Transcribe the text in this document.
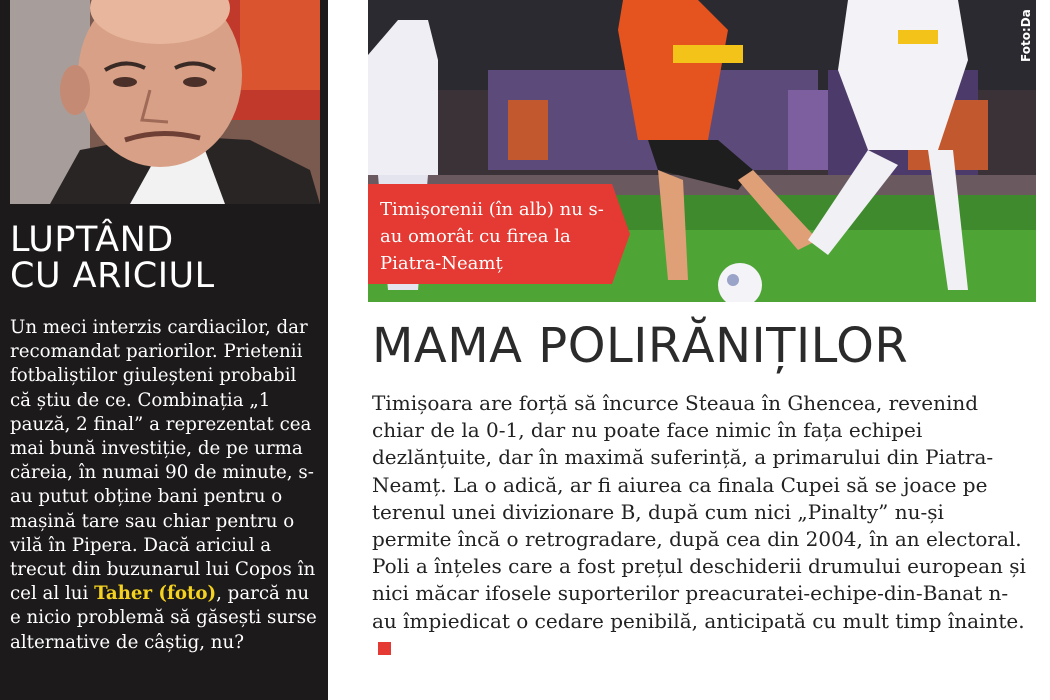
LUPTÂND
CU ARICIUL

Un meci interzis cardiacilor, dar recomandat pariorilor. Prietenii fotbaliștilor giuleșteni probabil că știu de ce. Combinația „1 pauză, 2 final” a reprezentat cea mai bună investiție, de pe urma căreia, în numai 90 de minute, s-au putut obține bani pentru o mașină tare sau chiar pentru o vilă în Pipera. Dacă ariciul a trecut din buzunarul lui Copos în cel al lui Taher (foto), parcă nu e nicio problemă să găsești surse alternative de câștig, nu?

Timișorenii (în alb) nu s-au omorât cu firea la Piatra-Neamț
Foto:Da
MAMA POLIRĂNIȚILOR

Timișoara are forță să încurce Steaua în Ghencea, revenind chiar de la 0-1, dar nu poate face nimic în fața echipei dezlănțuite, dar în maximă suferință, a primarului din Piatra-Neamț. La o adică, ar fi aiurea ca finala Cupei să se joace pe terenul unei divizionare B, după cum nici „Pinalty” nu-și permite încă o retrogradare, după cea din 2004, în an electoral. Poli a înțeles care a fost prețul deschiderii drumului european și nici măcar ifosele suporterilor preacuratei-echipe-din-Banat n-au împiedicat o cedare penibilă, anticipată cu mult timp înainte.
